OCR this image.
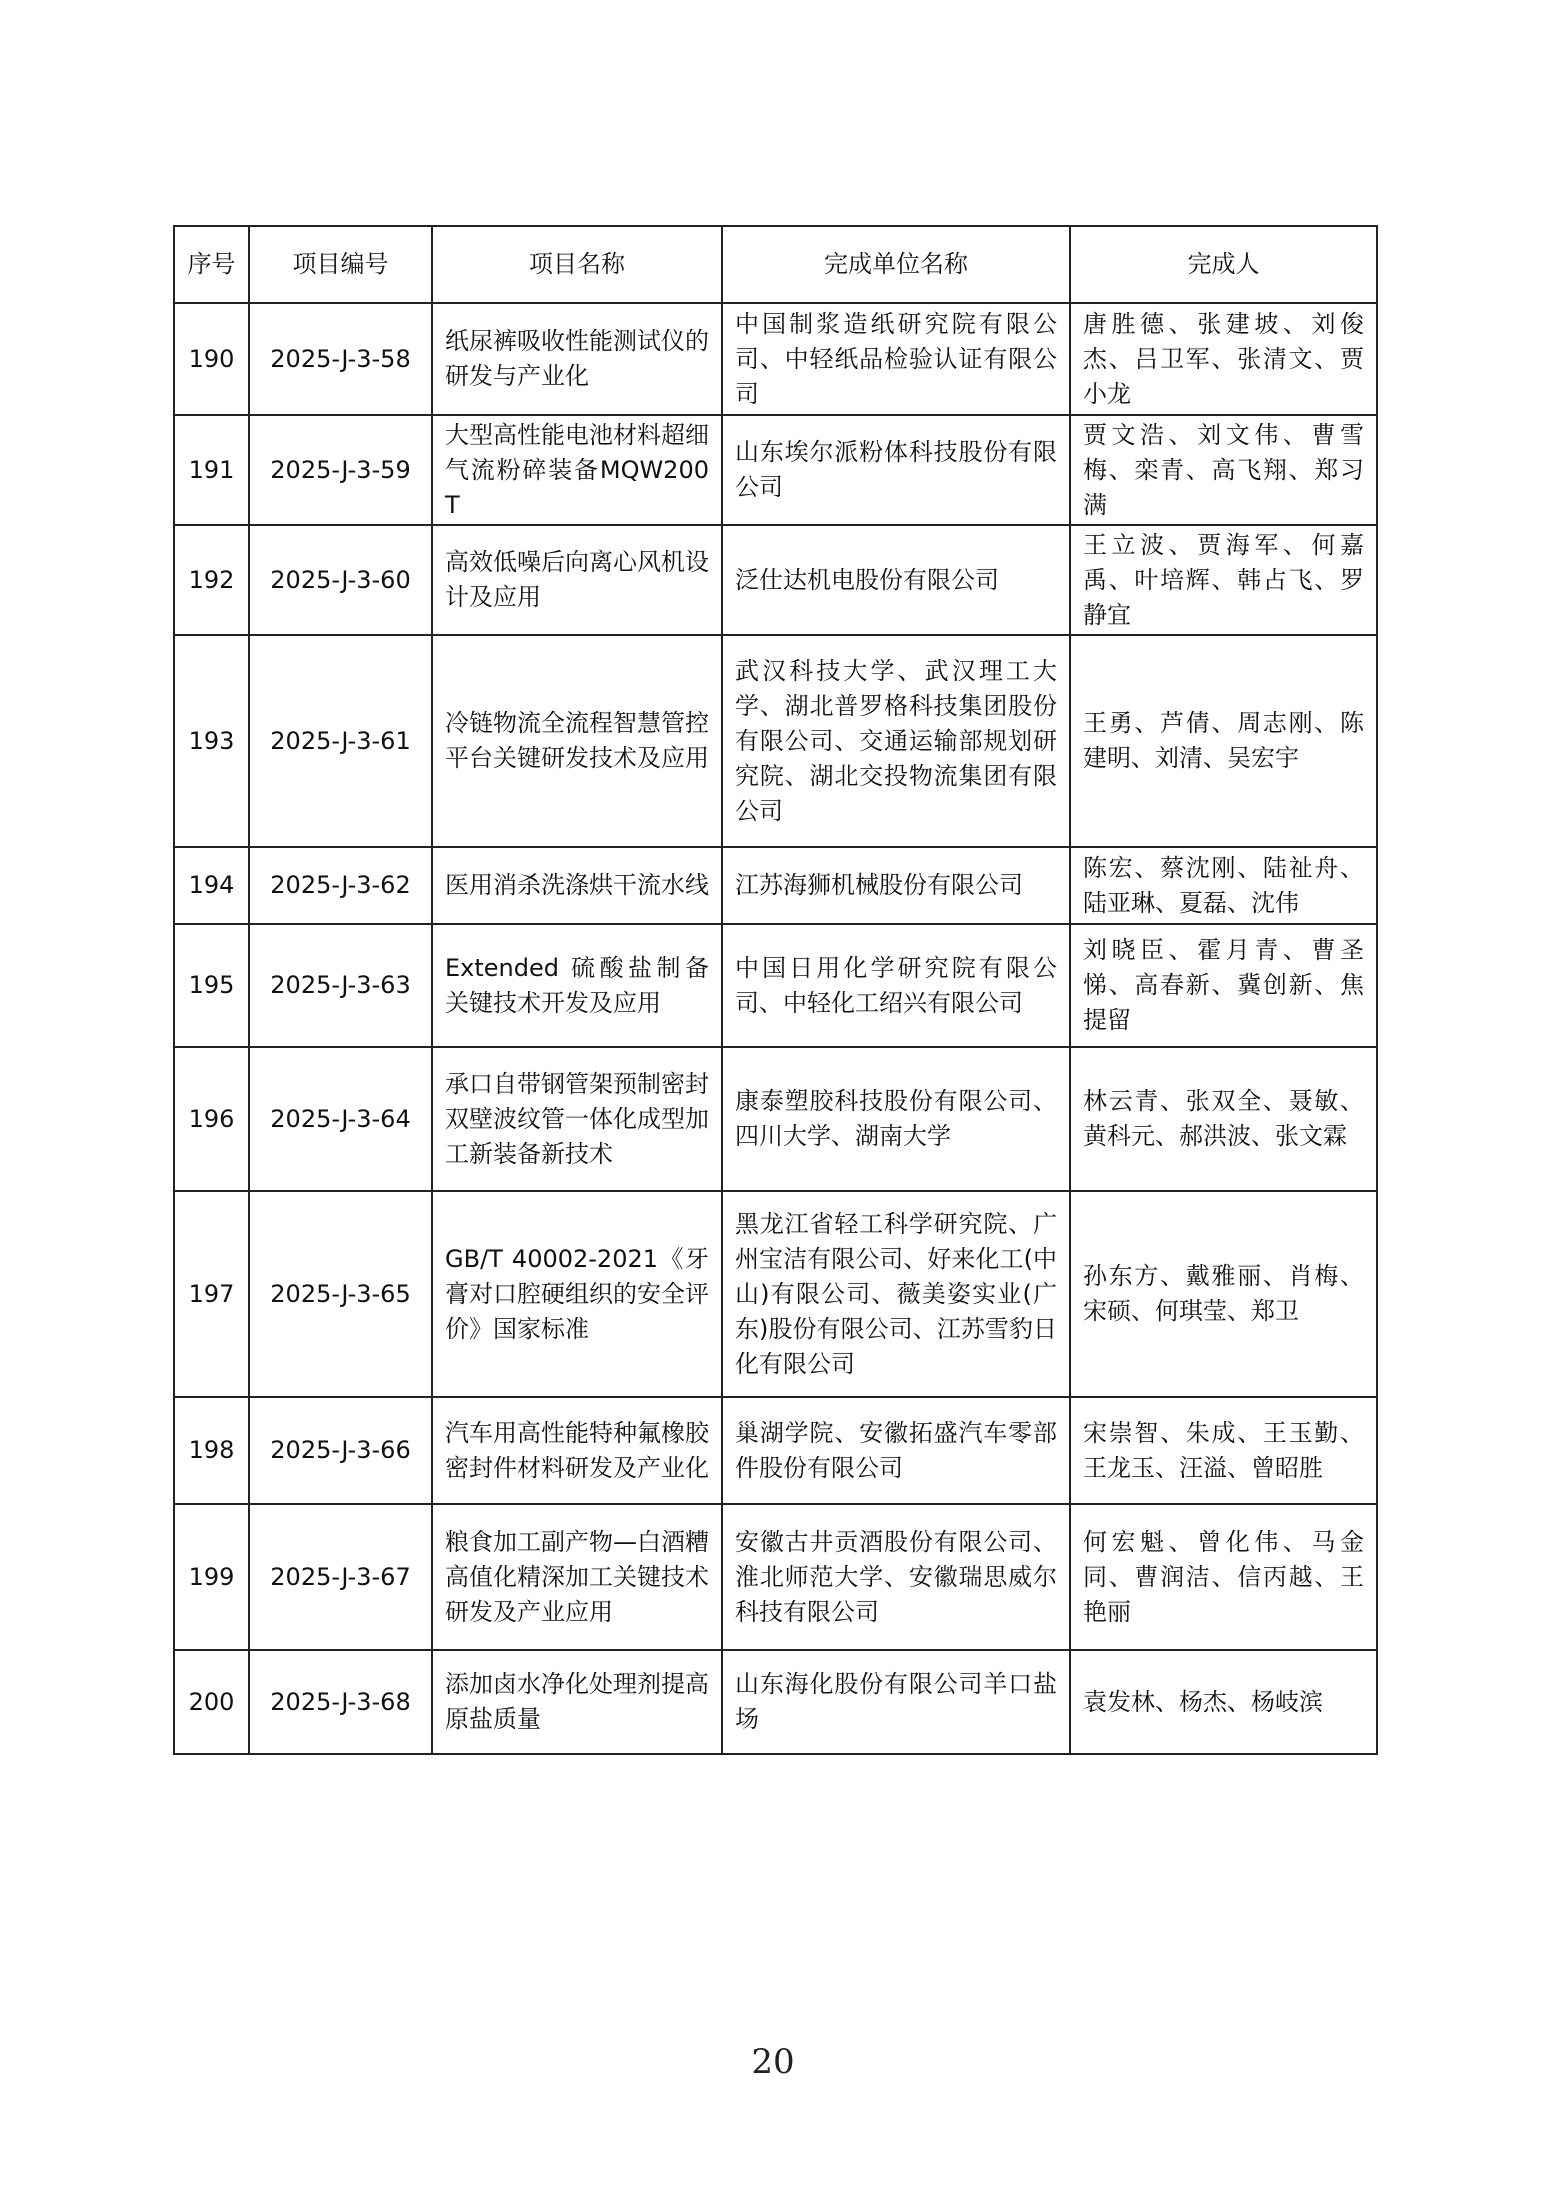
序号	项目编号	项目名称	完成单位名称	完成人
190	2025-J-3-58	纸尿裤吸收性能测试仪的研发与产业化	中国制浆造纸研究院有限公司、中轻纸品检验认证有限公司	唐胜德、张建坡、刘俊杰、吕卫军、张清文、贾小龙
191	2025-J-3-59	大型高性能电池材料超细气流粉碎装备MQW200T	山东埃尔派粉体科技股份有限公司	贾文浩、刘文伟、曹雪梅、栾青、高飞翔、郑习满
192	2025-J-3-60	高效低噪后向离心风机设计及应用	泛仕达机电股份有限公司	王立波、贾海军、何嘉禹、叶培辉、韩占飞、罗静宜
193	2025-J-3-61	冷链物流全流程智慧管控平台关键研发技术及应用	武汉科技大学、武汉理工大学、湖北普罗格科技集团股份有限公司、交通运输部规划研究院、湖北交投物流集团有限公司	王勇、芦倩、周志刚、陈建明、刘清、吴宏宇
194	2025-J-3-62	医用消杀洗涤烘干流水线	江苏海狮机械股份有限公司	陈宏、蔡沈刚、陆祉舟、陆亚琳、夏磊、沈伟
195	2025-J-3-63	Extended 硫酸盐制备关键技术开发及应用	中国日用化学研究院有限公司、中轻化工绍兴有限公司	刘晓臣、霍月青、曹圣悌、高春新、冀创新、焦提留
196	2025-J-3-64	承口自带钢管架预制密封双壁波纹管一体化成型加工新装备新技术	康泰塑胶科技股份有限公司、四川大学、湖南大学	林云青、张双全、聂敏、黄科元、郝洪波、张文霖
197	2025-J-3-65	GB/T 40002-2021《牙膏对口腔硬组织的安全评价》国家标准	黑龙江省轻工科学研究院、广州宝洁有限公司、好来化工(中山)有限公司、薇美姿实业(广东)股份有限公司、江苏雪豹日化有限公司	孙东方、戴雅丽、肖梅、宋硕、何琪莹、郑卫
198	2025-J-3-66	汽车用高性能特种氟橡胶密封件材料研发及产业化	巢湖学院、安徽拓盛汽车零部件股份有限公司	宋崇智、朱成、王玉勤、王龙玉、汪溢、曾昭胜
199	2025-J-3-67	粮食加工副产物—白酒糟高值化精深加工关键技术研发及产业应用	安徽古井贡酒股份有限公司、淮北师范大学、安徽瑞思威尔科技有限公司	何宏魁、曾化伟、马金同、曹润洁、信丙越、王艳丽
200	2025-J-3-68	添加卤水净化处理剂提高原盐质量	山东海化股份有限公司羊口盐场	袁发林、杨杰、杨岐滨
20
